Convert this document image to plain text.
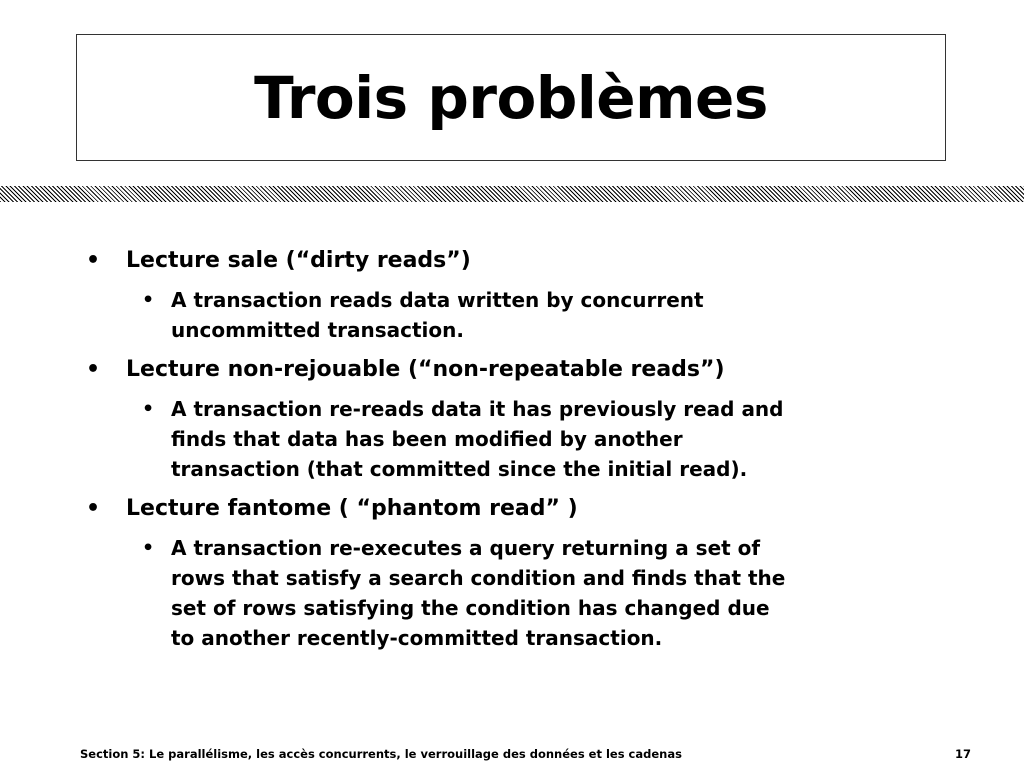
Trois problèmes
• Lecture sale (“dirty reads”)
• A transaction reads data written by concurrent
uncommitted transaction.
• Lecture non-rejouable (“non-repeatable reads”)
• A transaction re-reads data it has previously read and
finds that data has been modified by another
transaction (that committed since the initial read).
• Lecture fantome ( “phantom read” )
• A transaction re-executes a query returning a set of
rows that satisfy a search condition and finds that the
set of rows satisfying the condition has changed due
to another recently-committed transaction.
Section 5: Le parallélisme, les accès concurrents, le verrouillage des données et les cadenas	17
